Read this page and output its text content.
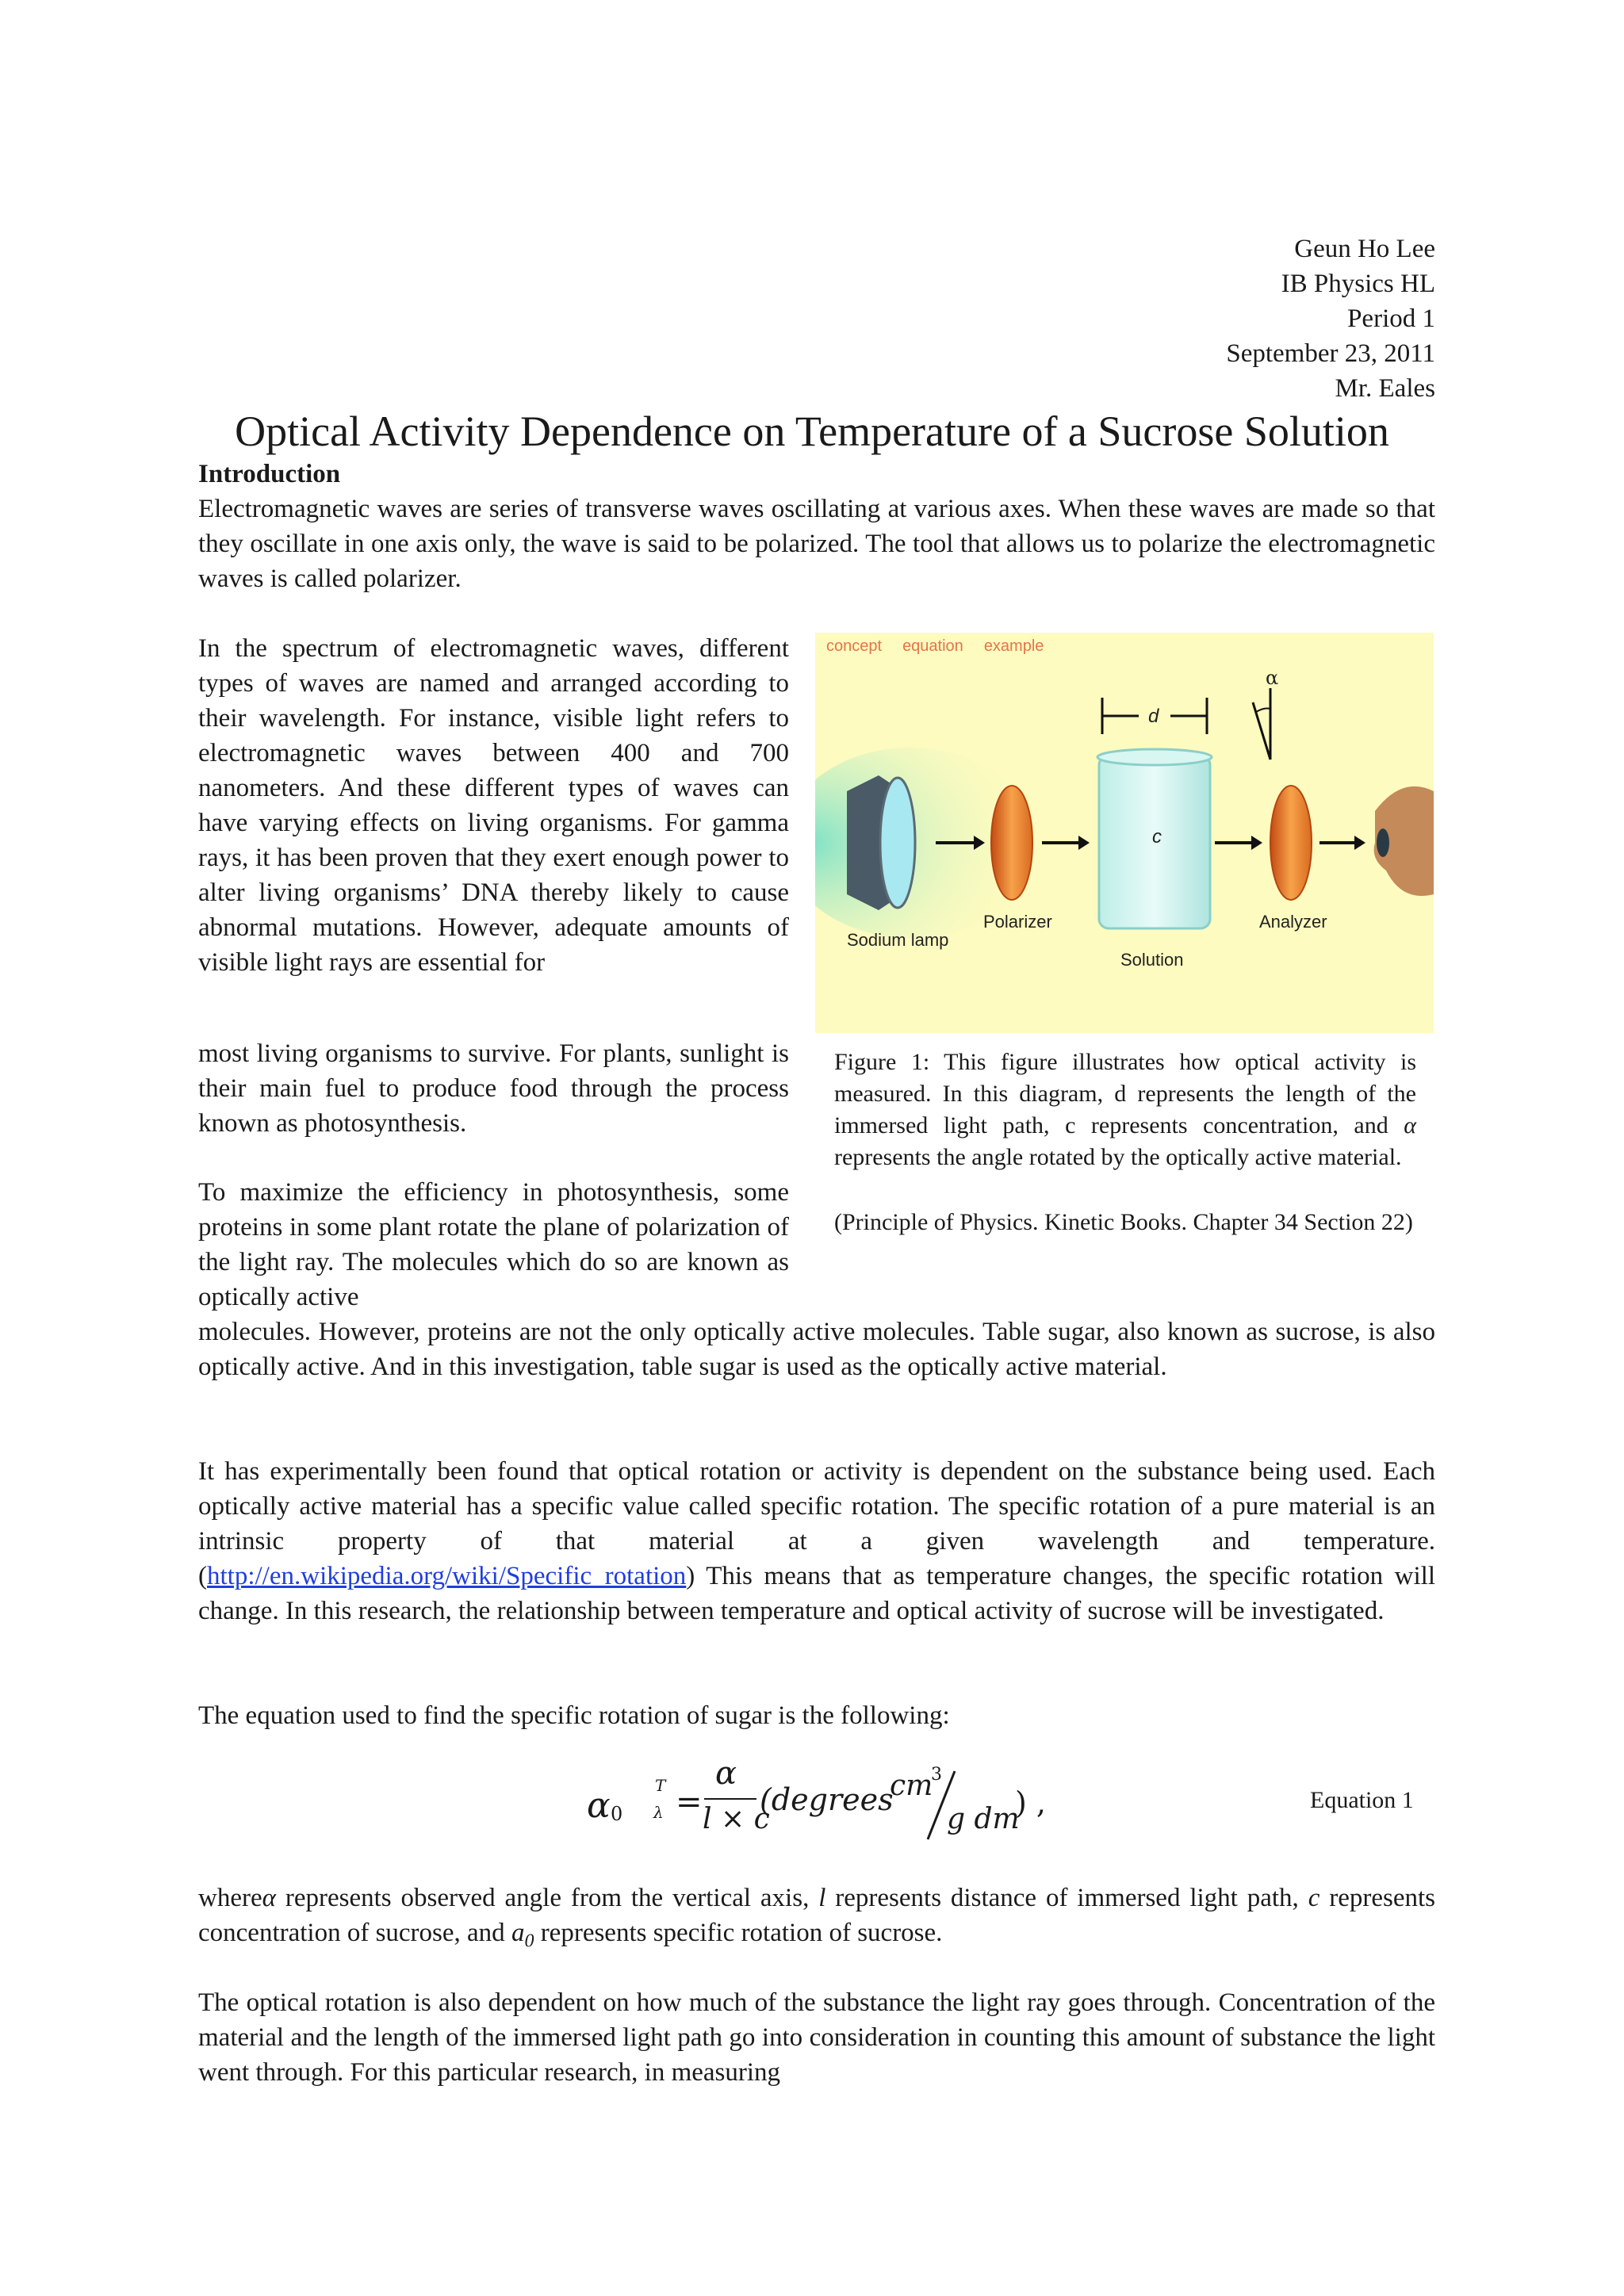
Geun Ho Lee
IB Physics HL
Period 1
September 23, 2011
Mr. Eales
Optical Activity Dependence on Temperature of a Sucrose Solution
Introduction

Electromagnetic waves are series of transverse waves oscillating at various axes. When these waves are made so that they oscillate in one axis only, the wave is said to be polarized. The tool that allows us to polarize the electromagnetic waves is called polarizer.

In the spectrum of electromagnetic waves, different types of waves are named and arranged according to their wavelength. For instance, visible light refers to electromagnetic waves between 400 and 700 nanometers. And these different types of waves can have varying effects on living organisms. For gamma rays, it has been proven that they exert enough power to alter living organisms’ DNA thereby likely to cause abnormal mutations. However, adequate amounts of visible light rays are essential for

most living organisms to survive. For plants, sunlight is their main fuel to produce food through the process known as photosynthesis.

To maximize the efficiency in photosynthesis, some proteins in some plant rotate the plane of polarization of the light ray. The molecules which do so are known as optically active

molecules. However, proteins are not the only optically active molecules. Table sugar, also known as sucrose, is also optically active. And in this investigation, table sugar is used as the optically active material.

It has experimentally been found that optical rotation or activity is dependent on the substance being used. Each optically active material has a specific value called specific rotation. The specific rotation of a pure material is an intrinsic property of that material at a given wavelength and temperature. (http://en.wikipedia.org/wiki/Specific_rotation) This means that as temperature changes, the specific rotation will change. In this research, the relationship between temperature and optical activity of sucrose will be investigated.

The equation used to find the specific rotation of sugar is the following:

α 0
T
λ =
α
l × c
(degrees
cm
3
g dm
) ,	Equation 1

whereα represents observed angle from the vertical axis, l represents distance of immersed light path, c represents concentration of sucrose, and $a_0$ represents specific rotation of sucrose.

The optical rotation is also dependent on how much of the substance the light ray goes through. Concentration of the material and the length of the immersed light path go into consideration in counting this amount of substance the light went through. For this particular research, in measuring

concept equation example
Sodium lamp
Polarizer
Solution
Analyzer
d
c
α
Figure 1: This figure illustrates how optical activity is measured. In this diagram, d represents the length of the immersed light path, c represents concentration, and α represents the angle rotated by the optically active material.
(Principle of Physics. Kinetic Books. Chapter 34 Section 22)
